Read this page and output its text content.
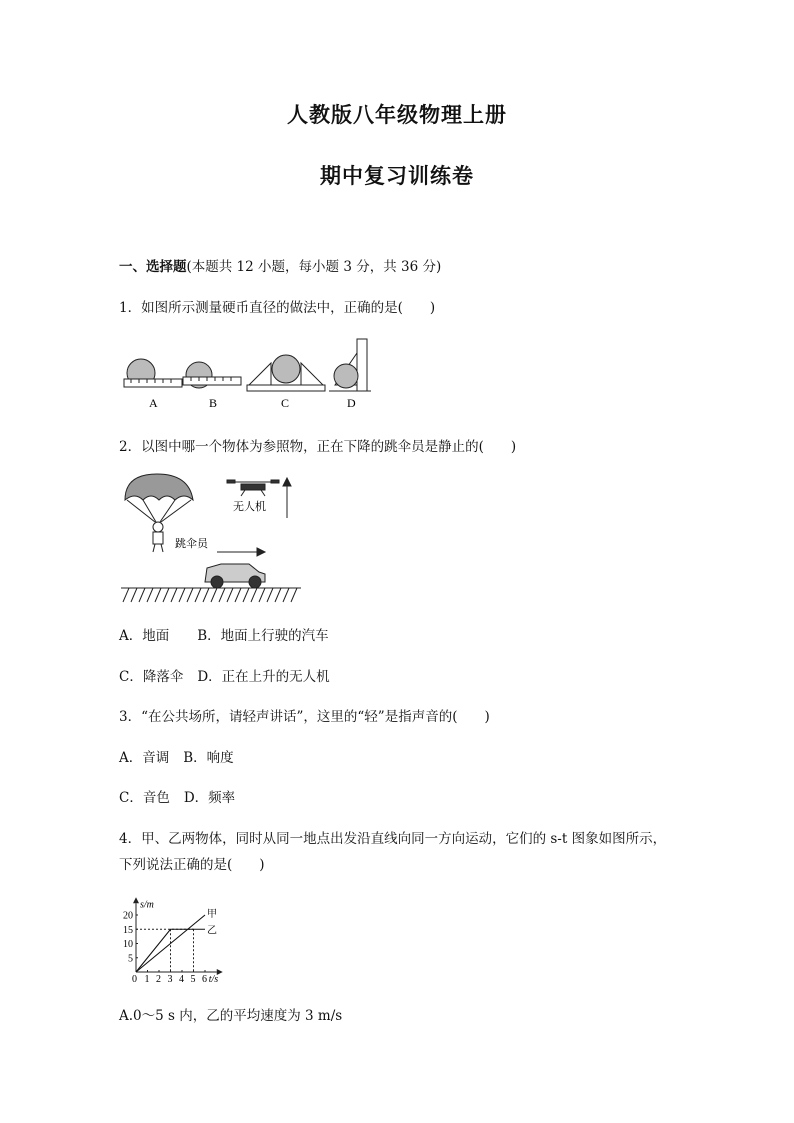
人教版八年级物理上册
期中复习训练卷
一、选择题(本题共 12 小题，每小题 3 分，共 36 分)
1．如图所示测量硬币直径的做法中，正确的是(　　)
A	B	C	D
2．以图中哪一个物体为参照物，正在下降的跳伞员是静止的(　　)
跳伞员
无人机
A．地面 B．地面上行驶的汽车
C．降落伞 D．正在上升的无人机
3．“在公共场所，请轻声讲话”，这里的“轻”是指声音的(　　)
A．音调 B．响度
C．音色 D．频率
4．甲、乙两物体，同时从同一地点出发沿直线向同一方向运动，它们的 s-t 图象如图所示，
下列说法正确的是(　　)
0 1 2 3 4 5 6
5
10
15
20
t/s
s/m
甲
乙
A.0～5 s 内，乙的平均速度为 3 m/s
